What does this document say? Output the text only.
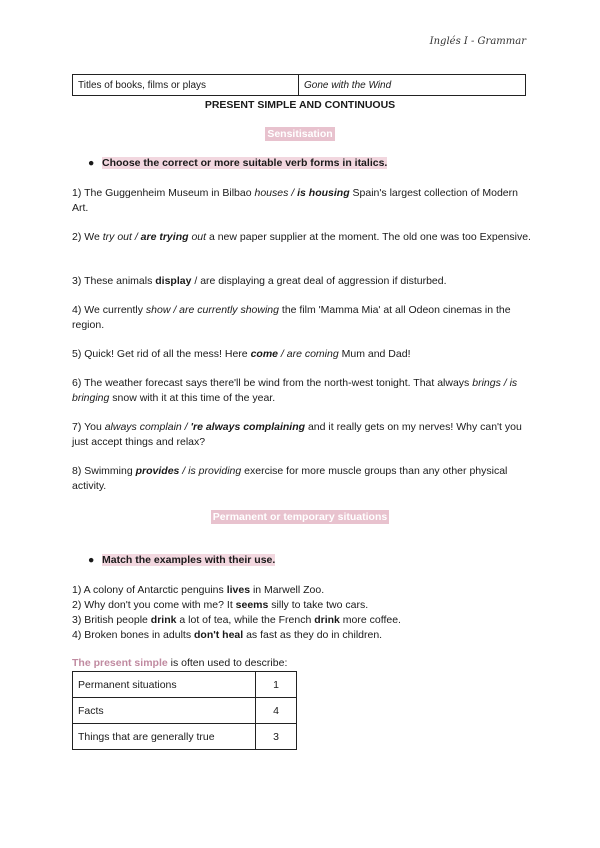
Inglés I - Grammar
Titles of books, films or plays	Gone with the Wind
PRESENT SIMPLE AND CONTINUOUS
Sensitisation
● Choose the correct or more suitable verb forms in italics.
1) The Guggenheim Museum in Bilbao houses / is housing Spain's largest collection of Modern Art.
2) We try out / are trying out a new paper supplier at the moment. The old one was too Expensive.
3) These animals display / are displaying a great deal of aggression if disturbed.
4) We currently show / are currently showing the film 'Mamma Mia' at all Odeon cinemas in the region.
5) Quick! Get rid of all the mess! Here come / are coming Mum and Dad!
6) The weather forecast says there'll be wind from the north-west tonight. That always brings / is bringing snow with it at this time of the year.
7) You always complain / 're always complaining and it really gets on my nerves! Why can't you just accept things and relax?
8) Swimming provides / is providing exercise for more muscle groups than any other physical activity.
Permanent or temporary situations
● Match the examples with their use.
1) A colony of Antarctic penguins lives in Marwell Zoo.
2) Why don't you come with me? It seems silly to take two cars.
3) British people drink a lot of tea, while the French drink more coffee.
4) Broken bones in adults don't heal as fast as they do in children.
The present simple is often used to describe:
Permanent situations	1
Facts	4
Things that are generally true	3
